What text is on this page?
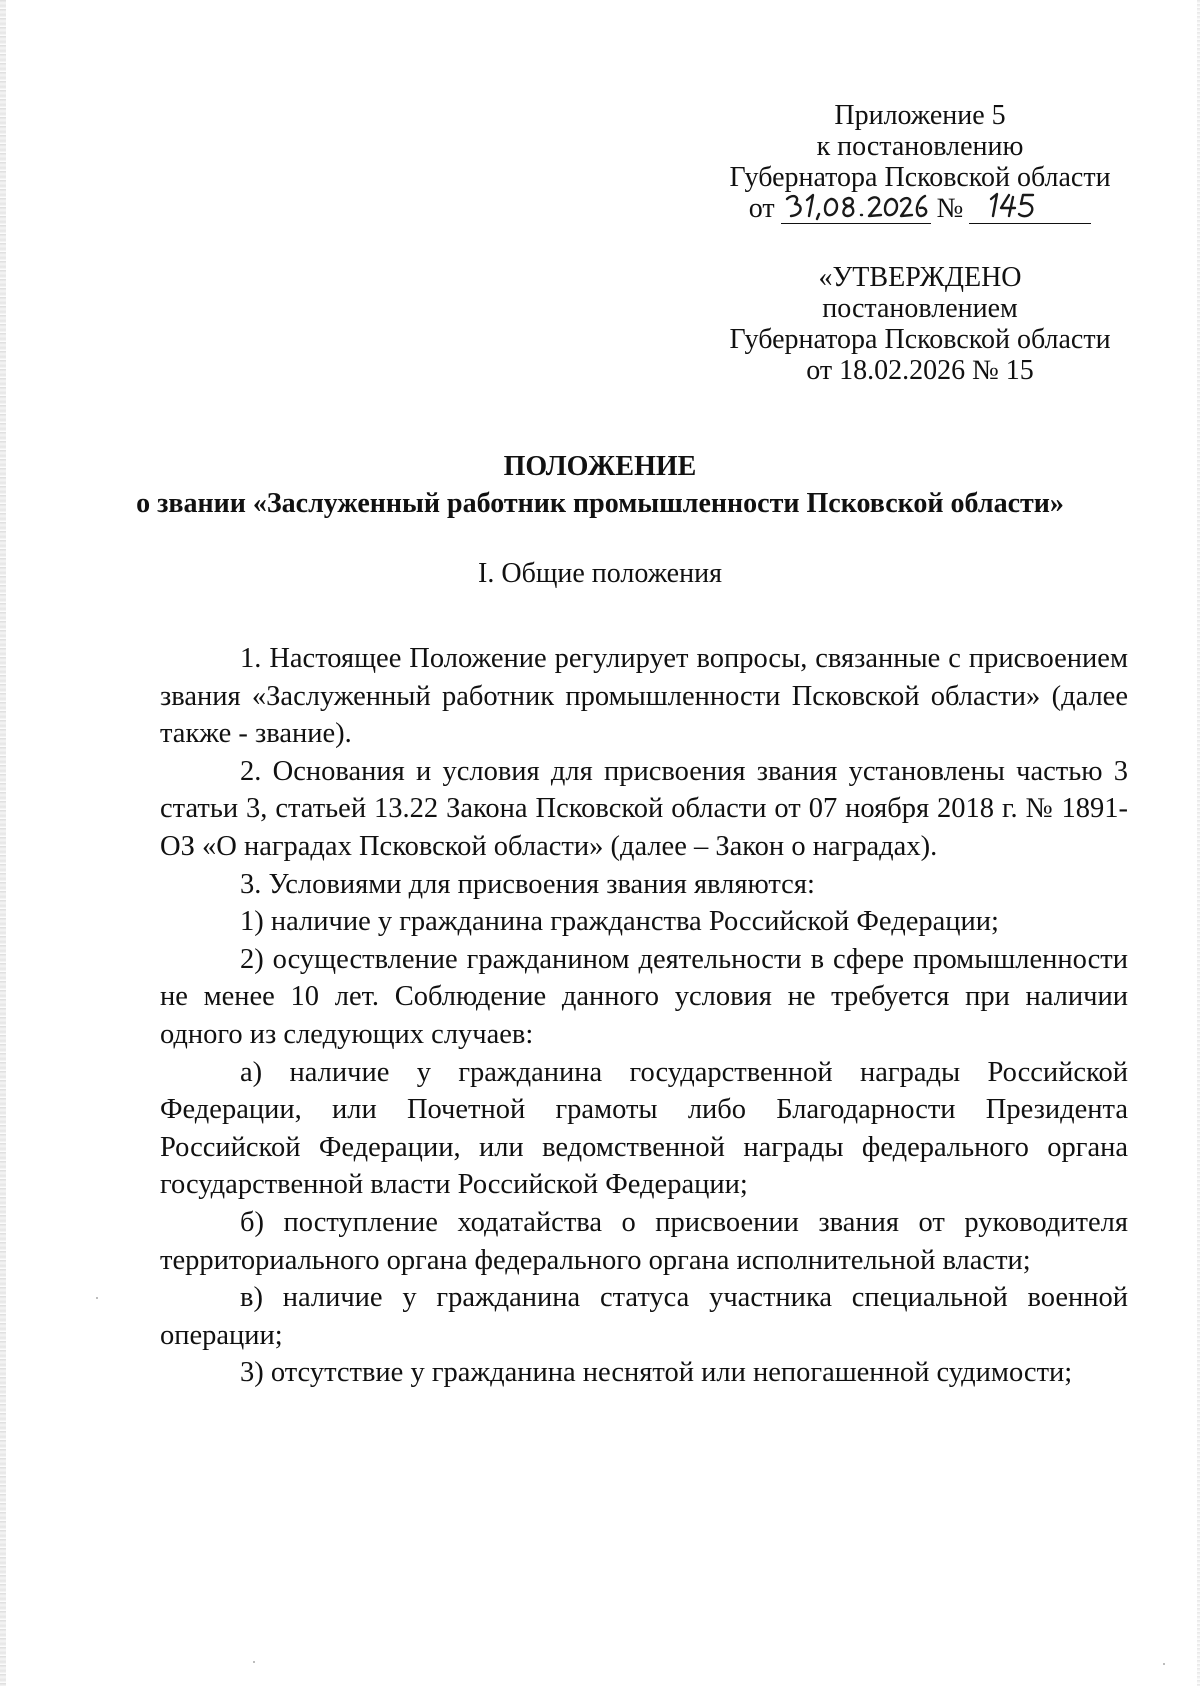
Приложение 5
к постановлению
Губернатора Псковской области
от	№
«УТВЕРЖДЕНО
постановлением
Губернатора Псковской области
от 18.02.2026 № 15
ПОЛОЖЕНИЕ
о звании «Заслуженный работник промышленности Псковской области»
I. Общие положения

1. Настоящее Положение регулирует вопросы, связанные с присвоением звания «Заслуженный работник промышленности Псковской области» (далее также - звание).

2. Основания и условия для присвоения звания установлены частью 3 статьи 3, статьей 13.22 Закона Псковской области от 07 ноября 2018 г. № 1891-ОЗ «О наградах Псковской области» (далее – Закон о наградах).

3. Условиями для присвоения звания являются:

1) наличие у гражданина гражданства Российской Федерации;

2) осуществление гражданином деятельности в сфере промышленности не менее 10 лет. Соблюдение данного условия не требуется при наличии одного из следующих случаев:

а) наличие у гражданина государственной награды Российской Федерации, или Почетной грамоты либо Благодарности Президента Российской Федерации, или ведомственной награды федерального органа государственной власти Российской Федерации;

б) поступление ходатайства о присвоении звания от руководителя территориального органа федерального органа исполнительной власти;

в) наличие у гражданина статуса участника специальной военной операции;

3) отсутствие у гражданина неснятой или непогашенной судимости;
